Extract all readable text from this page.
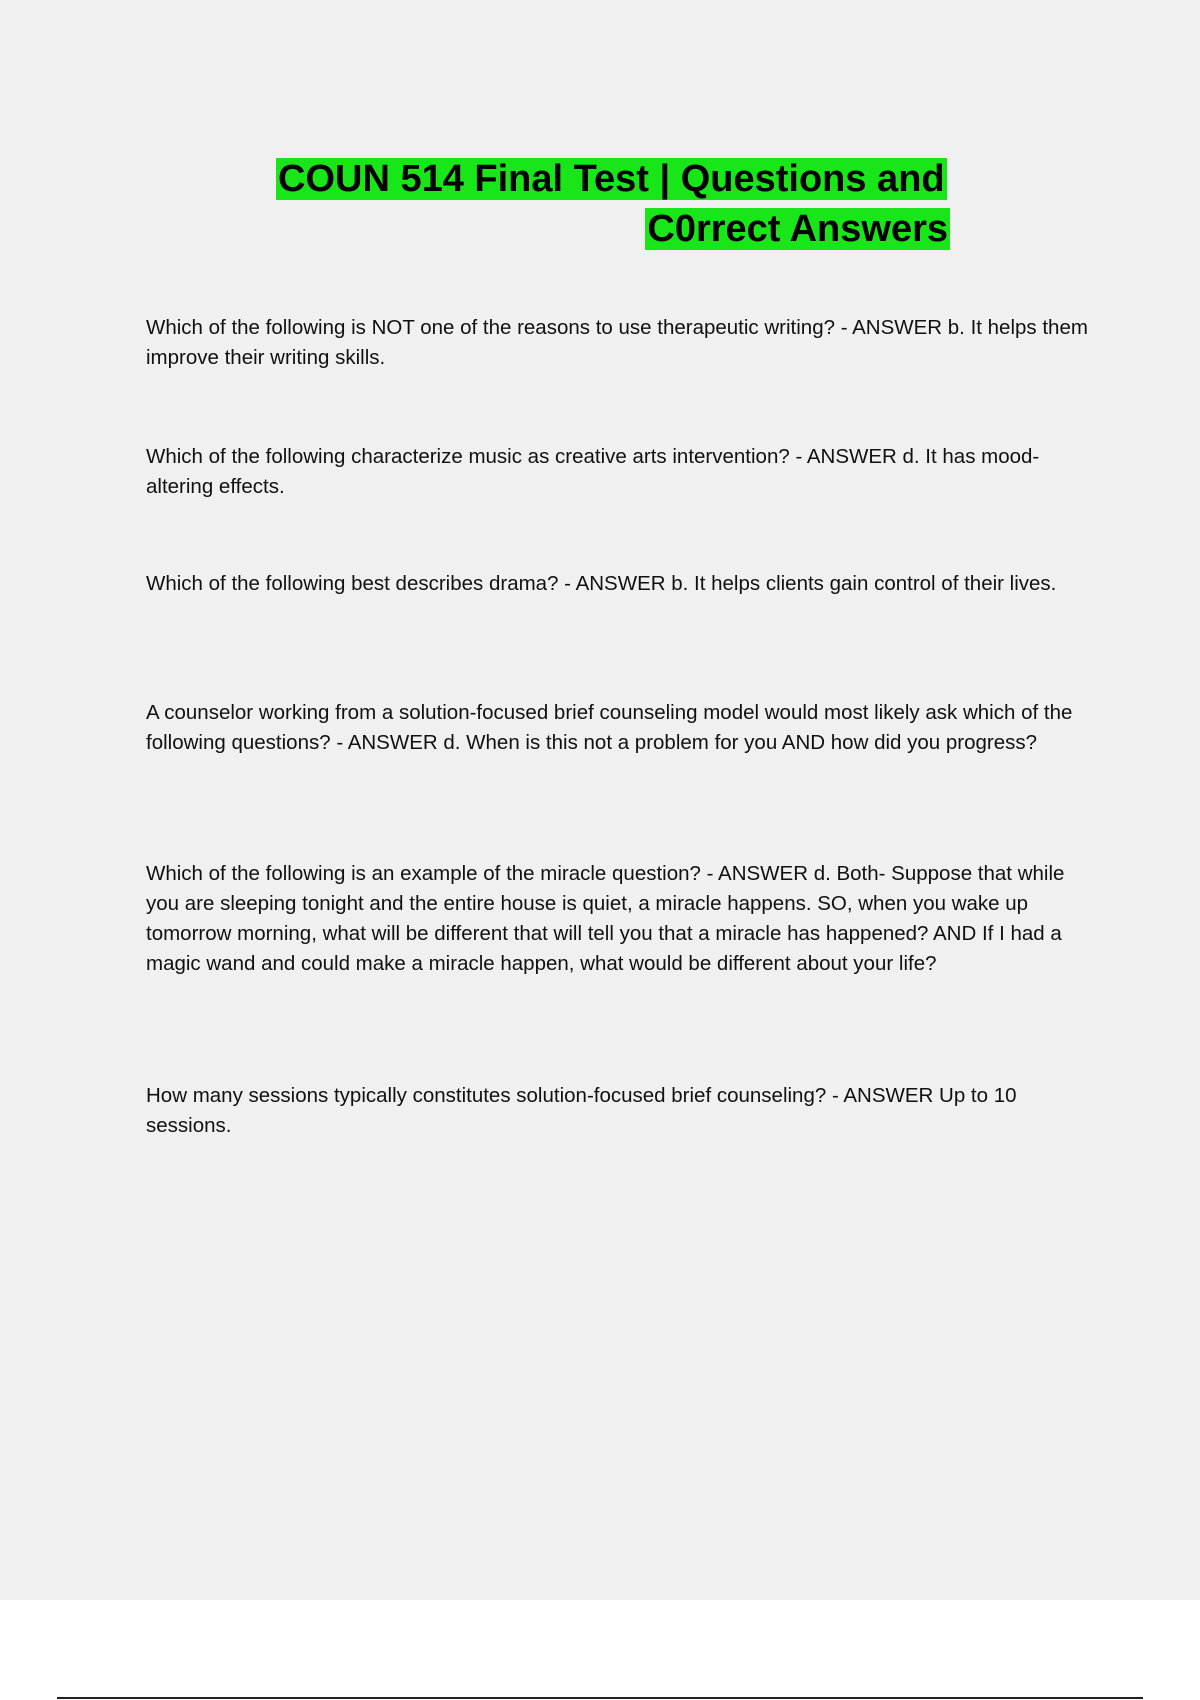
COUN 514 Final Test | Questions and
C0rrect Answers

Which of the following is NOT one of the reasons to use therapeutic writing? - ANSWER b. It helps them improve their writing skills.

Which of the following characterize music as creative arts intervention? - ANSWER d. It has mood-altering effects.

Which of the following best describes drama? - ANSWER b. It helps clients gain control of their lives.

A counselor working from a solution-focused brief counseling model would most likely ask which of the following questions? - ANSWER d. When is this not a problem for you AND how did you progress?

Which of the following is an example of the miracle question? - ANSWER d. Both- Suppose that while you are sleeping tonight and the entire house is quiet, a miracle happens. SO, when you wake up tomorrow morning, what will be different that will tell you that a miracle has happened? AND If I had a magic wand and could make a miracle happen, what would be different about your life?

How many sessions typically constitutes solution-focused brief counseling? - ANSWER Up to 10 sessions.
